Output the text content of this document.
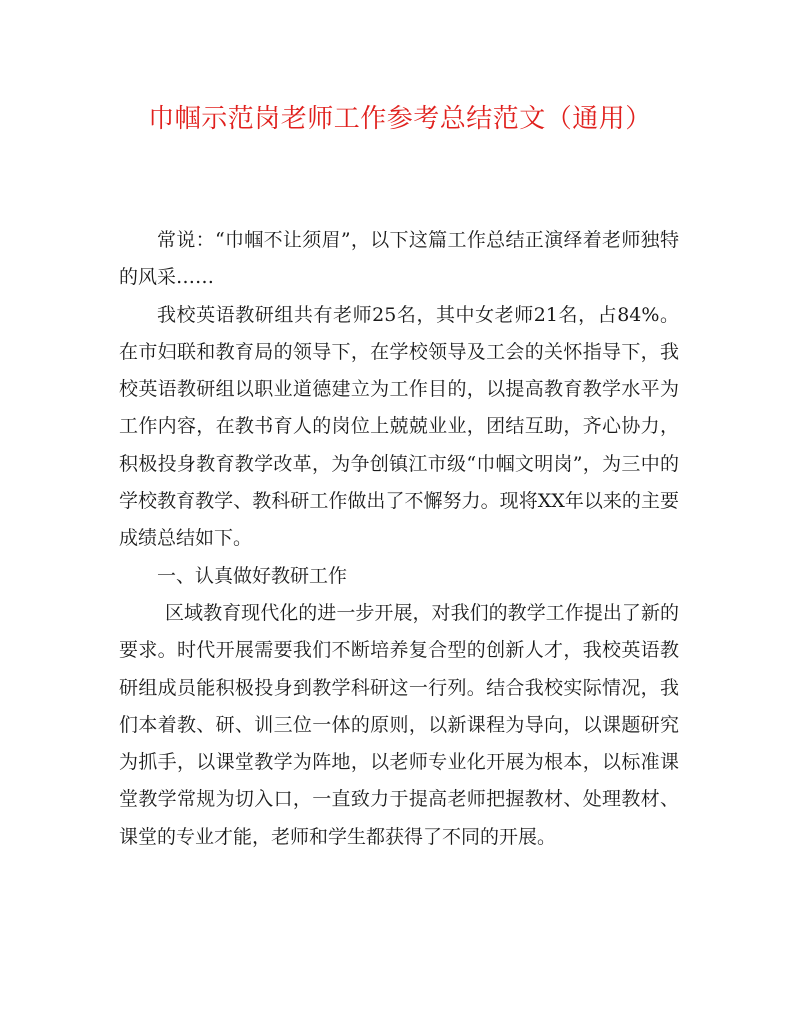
巾帼示范岗老师工作参考总结范文（通用）

常说：“巾帼不让须眉”，以下这篇工作总结正演绎着老师独特的风采……

我校英语教研组共有老师25名，其中女老师21名，占84%。在市妇联和教育局的领导下，在学校领导及工会的关怀指导下，我校英语教研组以职业道德建立为工作目的，以提高教育教学水平为工作内容，在教书育人的岗位上兢兢业业，团结互助，齐心协力，积极投身教育教学改革，为争创镇江市级“巾帼文明岗”，为三中的学校教育教学、教科研工作做出了不懈努力。现将XX年以来的主要成绩总结如下。

一、认真做好教研工作

区域教育现代化的进一步开展，对我们的教学工作提出了新的要求。时代开展需要我们不断培养复合型的创新人才，我校英语教研组成员能积极投身到教学科研这一行列。结合我校实际情况，我们本着教、研、训三位一体的原则，以新课程为导向，以课题研究为抓手，以课堂教学为阵地，以老师专业化开展为根本，以标准课堂教学常规为切入口，一直致力于提高老师把握教材、处理教材、课堂的专业才能，老师和学生都获得了不同的开展。
